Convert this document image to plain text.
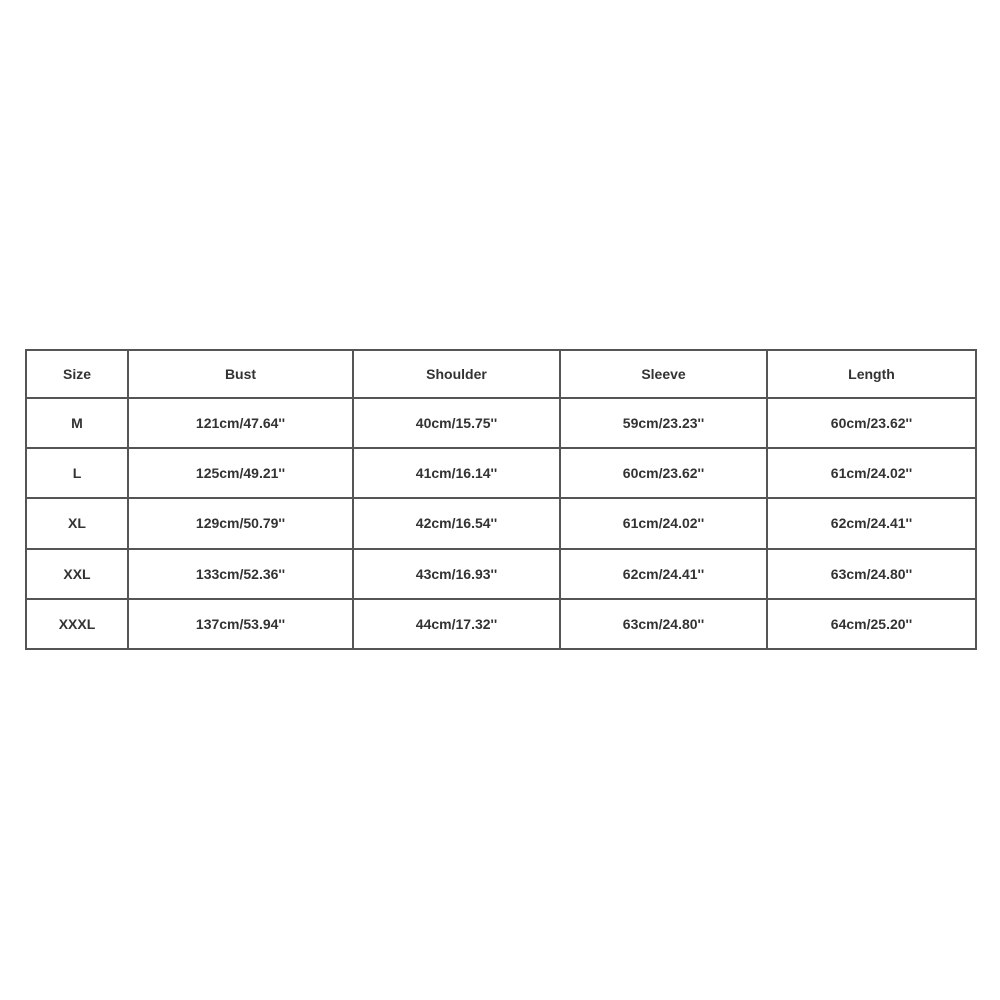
Size	Bust	Shoulder	Sleeve	Length
M	121cm/47.64''	40cm/15.75''	59cm/23.23''	60cm/23.62''
L	125cm/49.21''	41cm/16.14''	60cm/23.62''	61cm/24.02''
XL	129cm/50.79''	42cm/16.54''	61cm/24.02''	62cm/24.41''
XXL	133cm/52.36''	43cm/16.93''	62cm/24.41''	63cm/24.80''
XXXL	137cm/53.94''	44cm/17.32''	63cm/24.80''	64cm/25.20''
